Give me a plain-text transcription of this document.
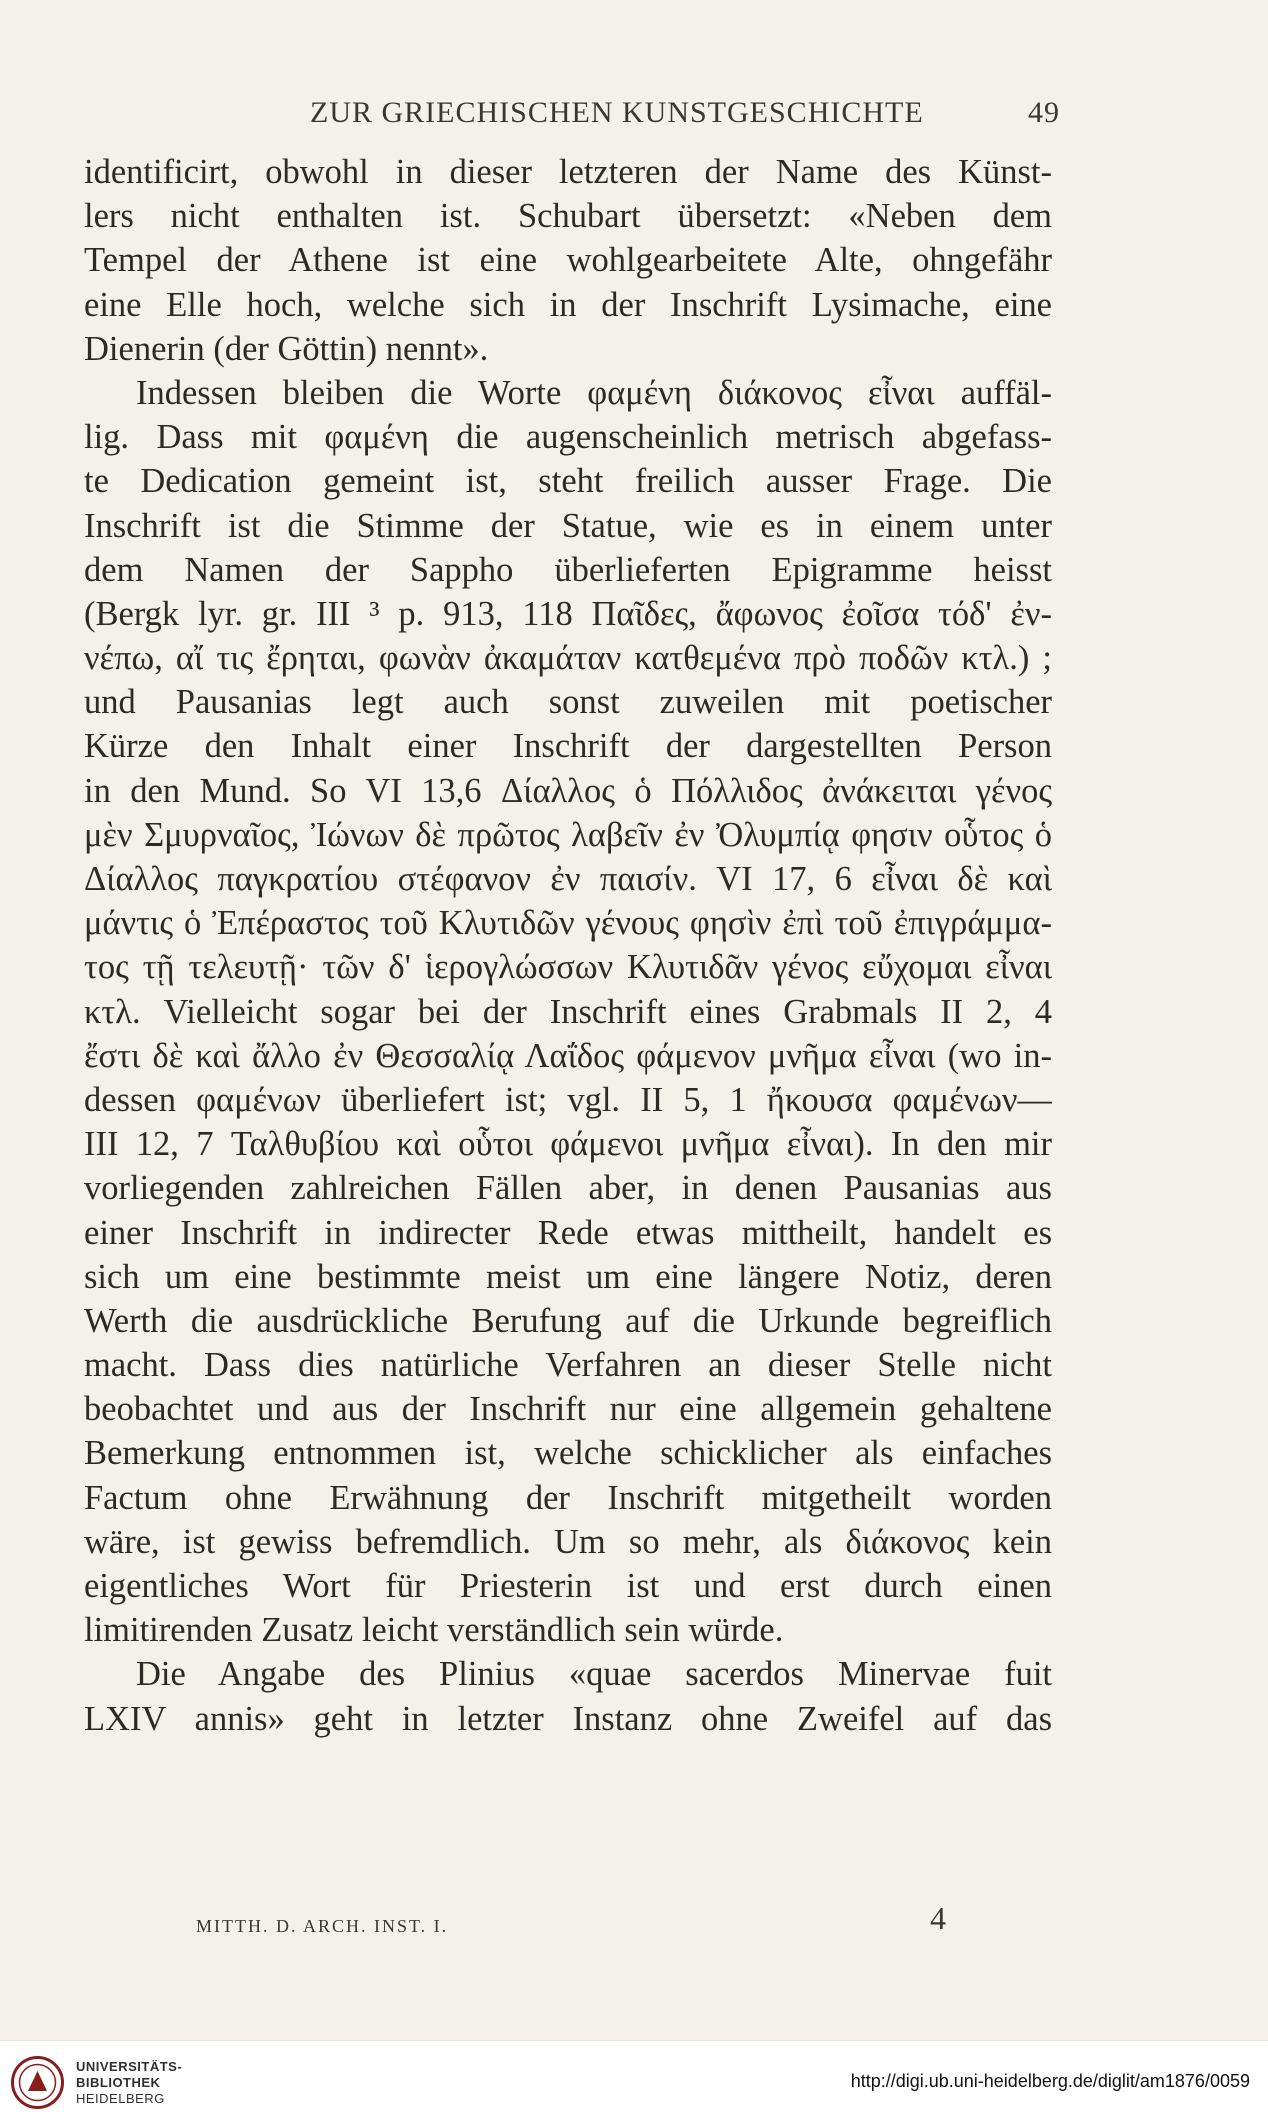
ZUR GRIECHISCHEN KUNSTGESCHICHTE	49
identificirt, obwohl in dieser letzteren der Name des Künst-
lers nicht enthalten ist. Schubart übersetzt: «Neben dem
Tempel der Athene ist eine wohlgearbeitete Alte, ohngefähr
eine Elle hoch, welche sich in der Inschrift Lysimache, eine
Dienerin (der Göttin) nennt».
Indessen bleiben die Worte φαμένη διάκονος εἶναι auffäl-
lig. Dass mit φαμένη die augenscheinlich metrisch abgefass-
te Dedication gemeint ist, steht freilich ausser Frage. Die
Inschrift ist die Stimme der Statue, wie es in einem unter
dem Namen der Sappho überlieferten Epigramme heisst
(Bergk lyr. gr. III ³ p. 913, 118 Παῖδες, ἄφωνος ἐοῖσα τόδ' ἐν-
νέπω, αἴ τις ἔρηται, φωνὰν ἀκαμάταν κατθεμένα πρὸ ποδῶν κτλ.) ;
und Pausanias legt auch sonst zuweilen mit poetischer
Kürze den Inhalt einer Inschrift der dargestellten Person
in den Mund. So VI 13,6 Δίαλλος ὁ Πόλλιδος ἀνάκειται γένος
μὲν Σμυρναῖος, Ἰώνων δὲ πρῶτος λαβεῖν ἐν Ὀλυμπίᾳ φησιν οὗτος ὁ
Δίαλλος παγκρατίου στέφανον ἐν παισίν. VI 17, 6 εἶναι δὲ καὶ
μάντις ὁ Ἐπέραστος τοῦ Κλυτιδῶν γένους φησὶν ἐπὶ τοῦ ἐπιγράμμα-
τος τῇ τελευτῇ· τῶν δ' ἱερογλώσσων Κλυτιδᾶν γένος εὔχομαι εἶναι
κτλ. Vielleicht sogar bei der Inschrift eines Grabmals II 2, 4
ἔστι δὲ καὶ ἄλλο ἐν Θεσσαλίᾳ Λαΐδος φάμενον μνῆμα εἶναι (wo in-
dessen φαμένων überliefert ist; vgl. II 5, 1 ἤκουσα φαμένων—
III 12, 7 Ταλθυβίου καὶ οὗτοι φάμενοι μνῆμα εἶναι). In den mir
vorliegenden zahlreichen Fällen aber, in denen Pausanias aus
einer Inschrift in indirecter Rede etwas mittheilt, handelt es
sich um eine bestimmte meist um eine längere Notiz, deren
Werth die ausdrückliche Berufung auf die Urkunde begreiflich
macht. Dass dies natürliche Verfahren an dieser Stelle nicht
beobachtet und aus der Inschrift nur eine allgemein gehaltene
Bemerkung entnommen ist, welche schicklicher als einfaches
Factum ohne Erwähnung der Inschrift mitgetheilt worden
wäre, ist gewiss befremdlich. Um so mehr, als διάκονος kein
eigentliches Wort für Priesterin ist und erst durch einen
limitirenden Zusatz leicht verständlich sein würde.
Die Angabe des Plinius «quae sacerdos Minervae fuit
LXIV annis» geht in letzter Instanz ohne Zweifel auf das
MITTH. D. ARCH. INST. I.	4
UNIVERSITÄTS-
BIBLIOTHEK
HEIDELBERG
http://digi.ub.uni-heidelberg.de/diglit/am1876/0059
